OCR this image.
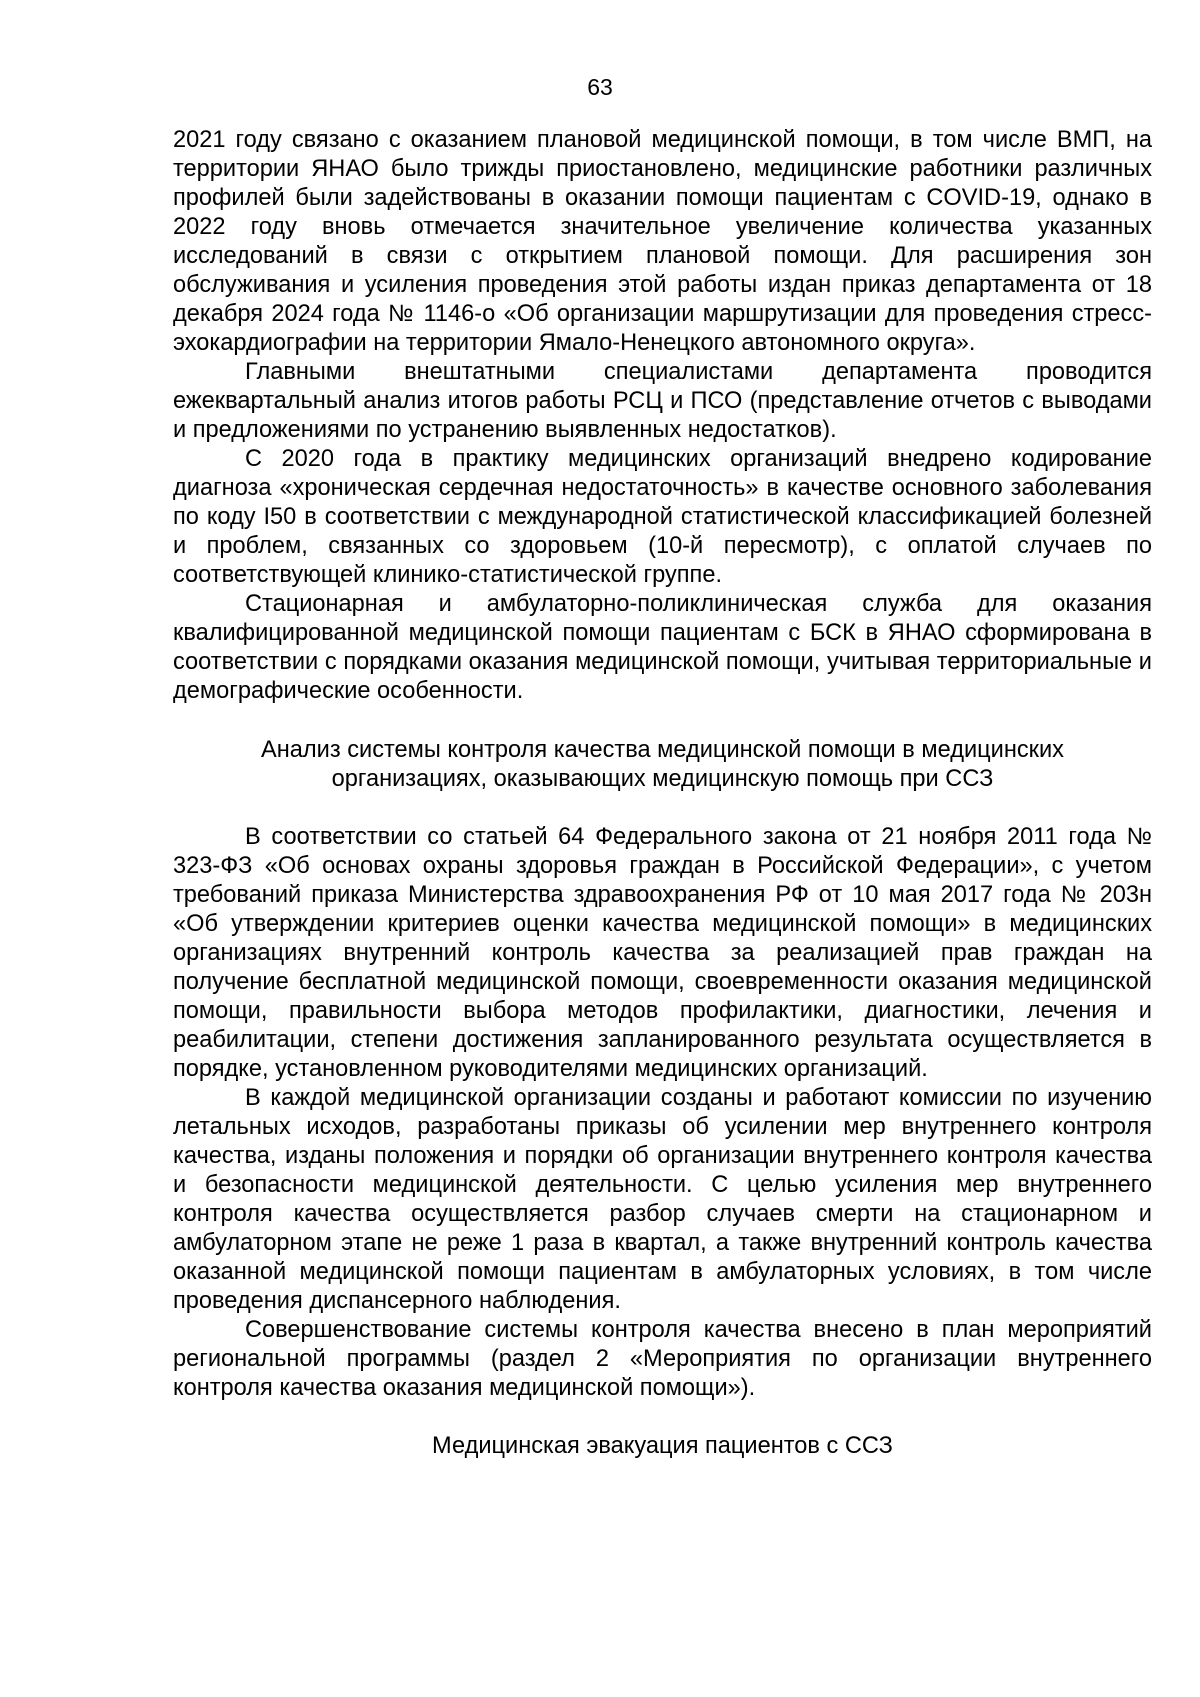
63

2021 году связано с оказанием плановой медицинской помощи, в том числе ВМП, на территории ЯНАО было трижды приостановлено, медицинские работники различных профилей были задействованы в оказании помощи пациентам с COVID-19, однако в 2022 году вновь отмечается значительное увеличение количества указанных исследований в связи с открытием плановой помощи. Для расширения зон обслуживания и усиления проведения этой работы издан приказ департамента от 18 декабря 2024 года № 1146-о «Об организации маршрутизации для проведения стресс-эхокардиографии на территории Ямало-Ненецкого автономного округа».

Главными внештатными специалистами департамента проводится ежеквартальный анализ итогов работы РСЦ и ПСО (представление отчетов с выводами и предложениями по устранению выявленных недостатков).

С 2020 года в практику медицинских организаций внедрено кодирование диагноза «хроническая сердечная недостаточность» в качестве основного заболевания по коду I50 в соответствии с международной статистической классификацией болезней и проблем, связанных со здоровьем (10-й пересмотр), с оплатой случаев по соответствующей клинико-статистической группе.

Стационарная и амбулаторно-поликлиническая служба для оказания квалифицированной медицинской помощи пациентам с БСК в ЯНАО сформирована в соответствии с порядками оказания медицинской помощи, учитывая территориальные и демографические особенности.

Анализ системы контроля качества медицинской помощи в медицинских организациях, оказывающих медицинскую помощь при ССЗ

В соответствии со статьей 64 Федерального закона от 21 ноября 2011 года № 323-ФЗ «Об основах охраны здоровья граждан в Российской Федерации», с учетом требований приказа Министерства здравоохранения РФ от 10 мая 2017 года № 203н «Об утверждении критериев оценки качества медицинской помощи» в медицинских организациях внутренний контроль качества за реализацией прав граждан на получение бесплатной медицинской помощи, своевременности оказания медицинской помощи, правильности выбора методов профилактики, диагностики, лечения и реабилитации, степени достижения запланированного результата осуществляется в порядке, установленном руководителями медицинских организаций.

В каждой медицинской организации созданы и работают комиссии по изучению летальных исходов, разработаны приказы об усилении мер внутреннего контроля качества, изданы положения и порядки об организации внутреннего контроля качества и безопасности медицинской деятельности. С целью усиления мер внутреннего контроля качества осуществляется разбор случаев смерти на стационарном и амбулаторном этапе не реже 1 раза в квартал, а также внутренний контроль качества оказанной медицинской помощи пациентам в амбулаторных условиях, в том числе проведения диспансерного наблюдения.

Совершенствование системы контроля качества внесено в план мероприятий региональной программы (раздел 2 «Мероприятия по организации внутреннего контроля качества оказания медицинской помощи»).

Медицинская эвакуация пациентов с ССЗ
